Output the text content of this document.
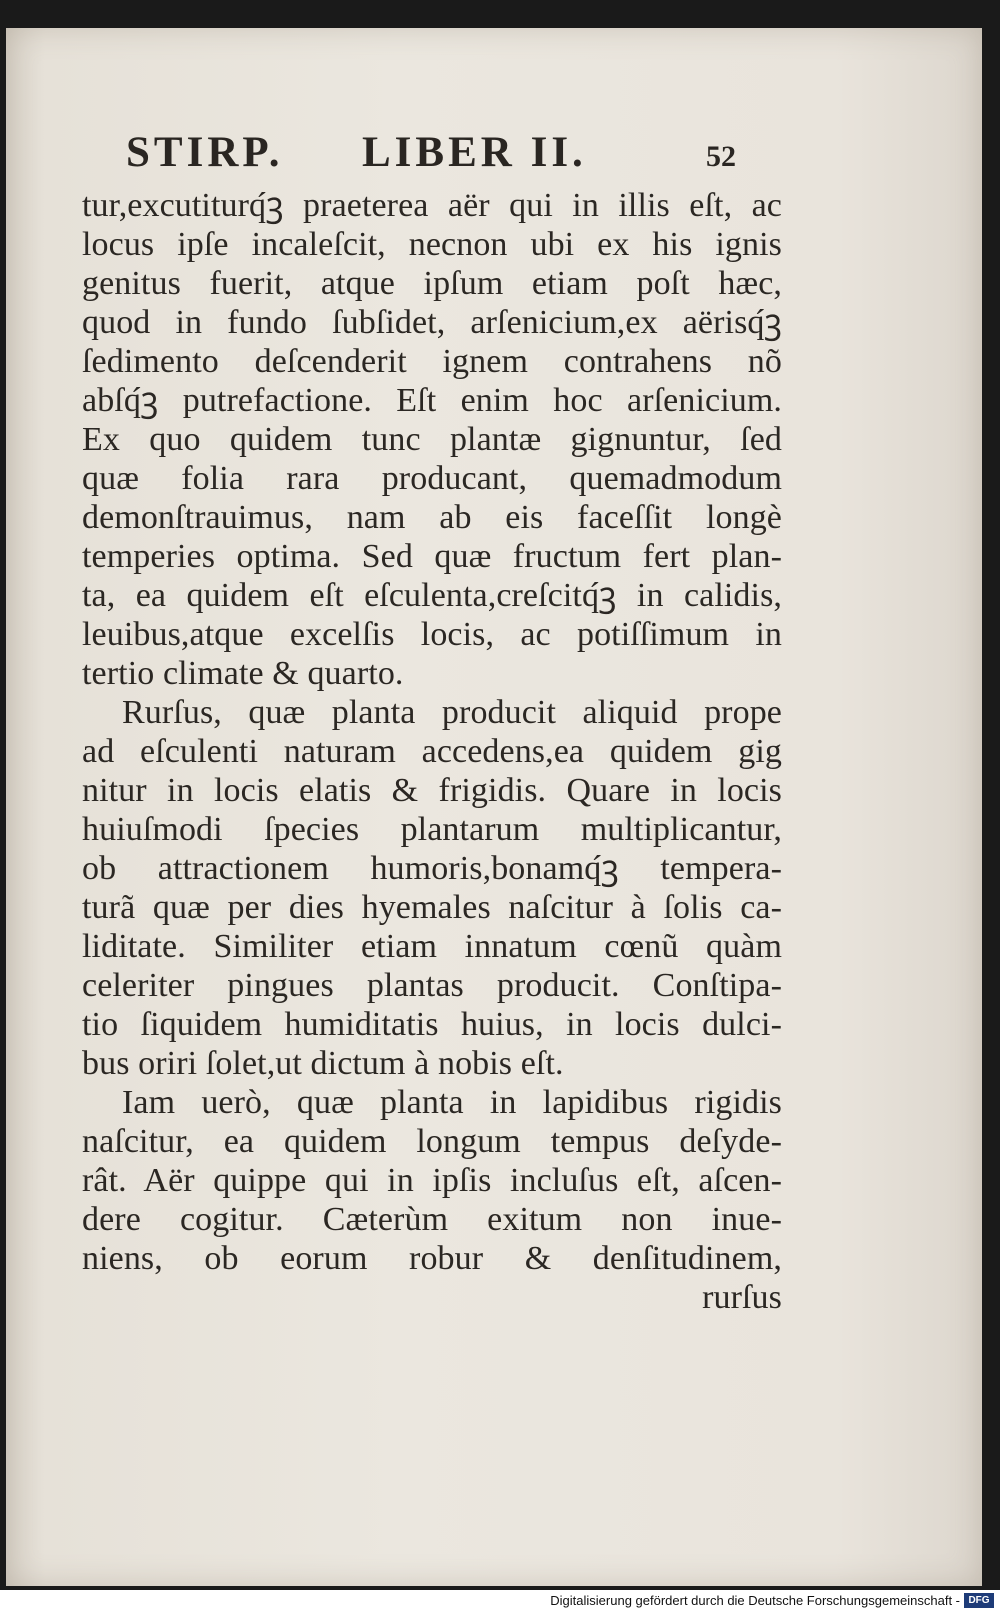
STIRP. LIBER II.	52
tur,excutiturq́ꝫ praeterea aër qui in illis eſt, ac
locus ipſe incaleſcit, necnon ubi ex his ignis
genitus fuerit, atque ipſum etiam poſt hæc,
quod in fundo ſubſidet, arſenicium,ex aërisq́ꝫ
ſedimento deſcenderit ignem contrahens nõ
abſq́ꝫ putrefactione. Eſt enim hoc arſenicium.
Ex quo quidem tunc plantæ gignuntur, ſed
quæ folia rara producant, quemadmodum
demonſtrauimus, nam ab eis faceſſit longè
temperies optima. Sed quæ fructum fert plan-
ta, ea quidem eſt eſculenta,creſcitq́ꝫ in calidis,
leuibus,atque excelſis locis, ac potiſſimum in
tertio climate & quarto.
Rurſus, quæ planta producit aliquid prope
ad eſculenti naturam accedens,ea quidem gig
nitur in locis elatis & frigidis. Quare in locis
huiuſmodi ſpecies plantarum multiplicantur,
ob attractionem humoris,bonamq́ꝫ tempera-
turã quæ per dies hyemales naſcitur à ſolis ca-
liditate. Similiter etiam innatum cœnũ quàm
celeriter pingues plantas producit. Conſtipa-
tio ſiquidem humiditatis huius, in locis dulci-
bus oriri ſolet,ut dictum à nobis eſt.
Iam uerò, quæ planta in lapidibus rigidis
naſcitur, ea quidem longum tempus deſyde-
rât. Aër quippe qui in ipſis incluſus eſt, aſcen-
dere cogitur. Cæterùm exitum non inue-
niens, ob eorum robur & denſitudinem,
rurſus
Digitalisierung gefördert durch die Deutsche Forschungsgemeinschaft - DFG
